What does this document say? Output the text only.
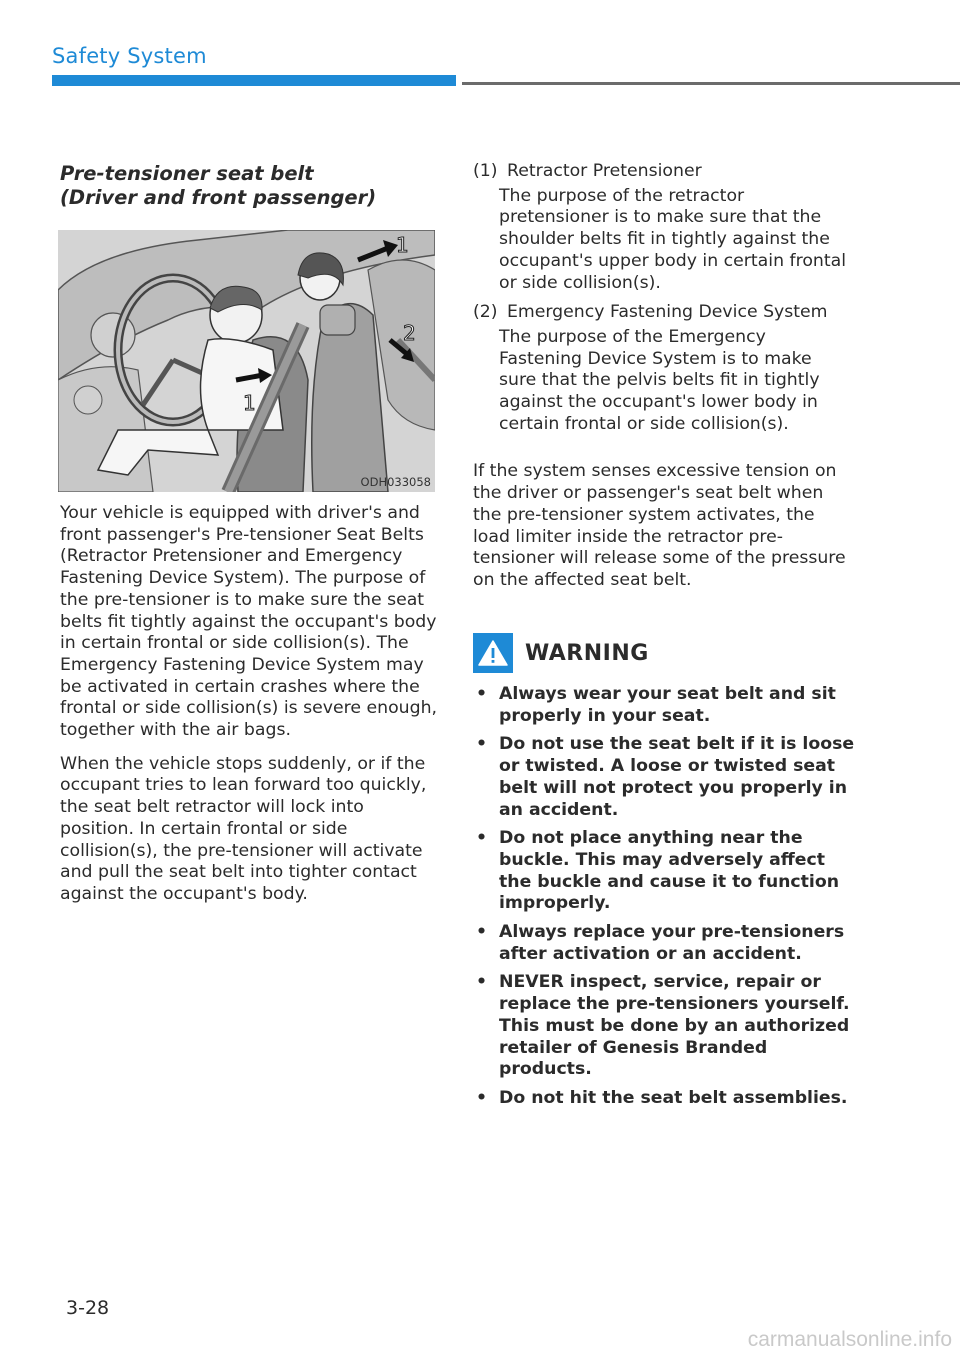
Safety System
Pre-tensioner seat belt
(Driver and front passenger)
1
2
1
ODH033058

Your vehicle is equipped with driver's and front passenger's Pre-tensioner Seat Belts (Retractor Pretensioner and Emergency Fastening Device System). The purpose of the pre-tensioner is to make sure the seat belts fit tightly against the occupant's body in certain frontal or side collision(s). The Emergency Fastening Device System may be activated in certain crashes where the frontal or side collision(s) is severe enough, together with the air bags.

When the vehicle stops suddenly, or if the occupant tries to lean forward too quickly, the seat belt retractor will lock into position. In certain frontal or side collision(s), the pre-tensioner will activate and pull the seat belt into tighter contact against the occupant's body.

(1) Retractor Pretensioner
The purpose of the retractor pretensioner is to make sure that the shoulder belts fit in tightly against the occupant's upper body in certain frontal or side collision(s).
(2) Emergency Fastening Device System
The purpose of the Emergency Fastening Device System is to make sure that the pelvis belts fit in tightly against the occupant's lower body in certain frontal or side collision(s).

If the system senses excessive tension on the driver or passenger's seat belt when the pre-tensioner system activates, the load limiter inside the retractor pre-tensioner will release some of the pressure on the affected seat belt.

WARNING
• Always wear your seat belt and sit properly in your seat.
• Do not use the seat belt if it is loose or twisted. A loose or twisted seat belt will not protect you properly in an accident.
• Do not place anything near the buckle. This may adversely affect the buckle and cause it to function improperly.
• Always replace your pre-tensioners after activation or an accident.
• NEVER inspect, service, repair or replace the pre-tensioners yourself. This must be done by an authorized retailer of Genesis Branded products.
• Do not hit the seat belt assemblies.
3-28
carmanualsonline.info
